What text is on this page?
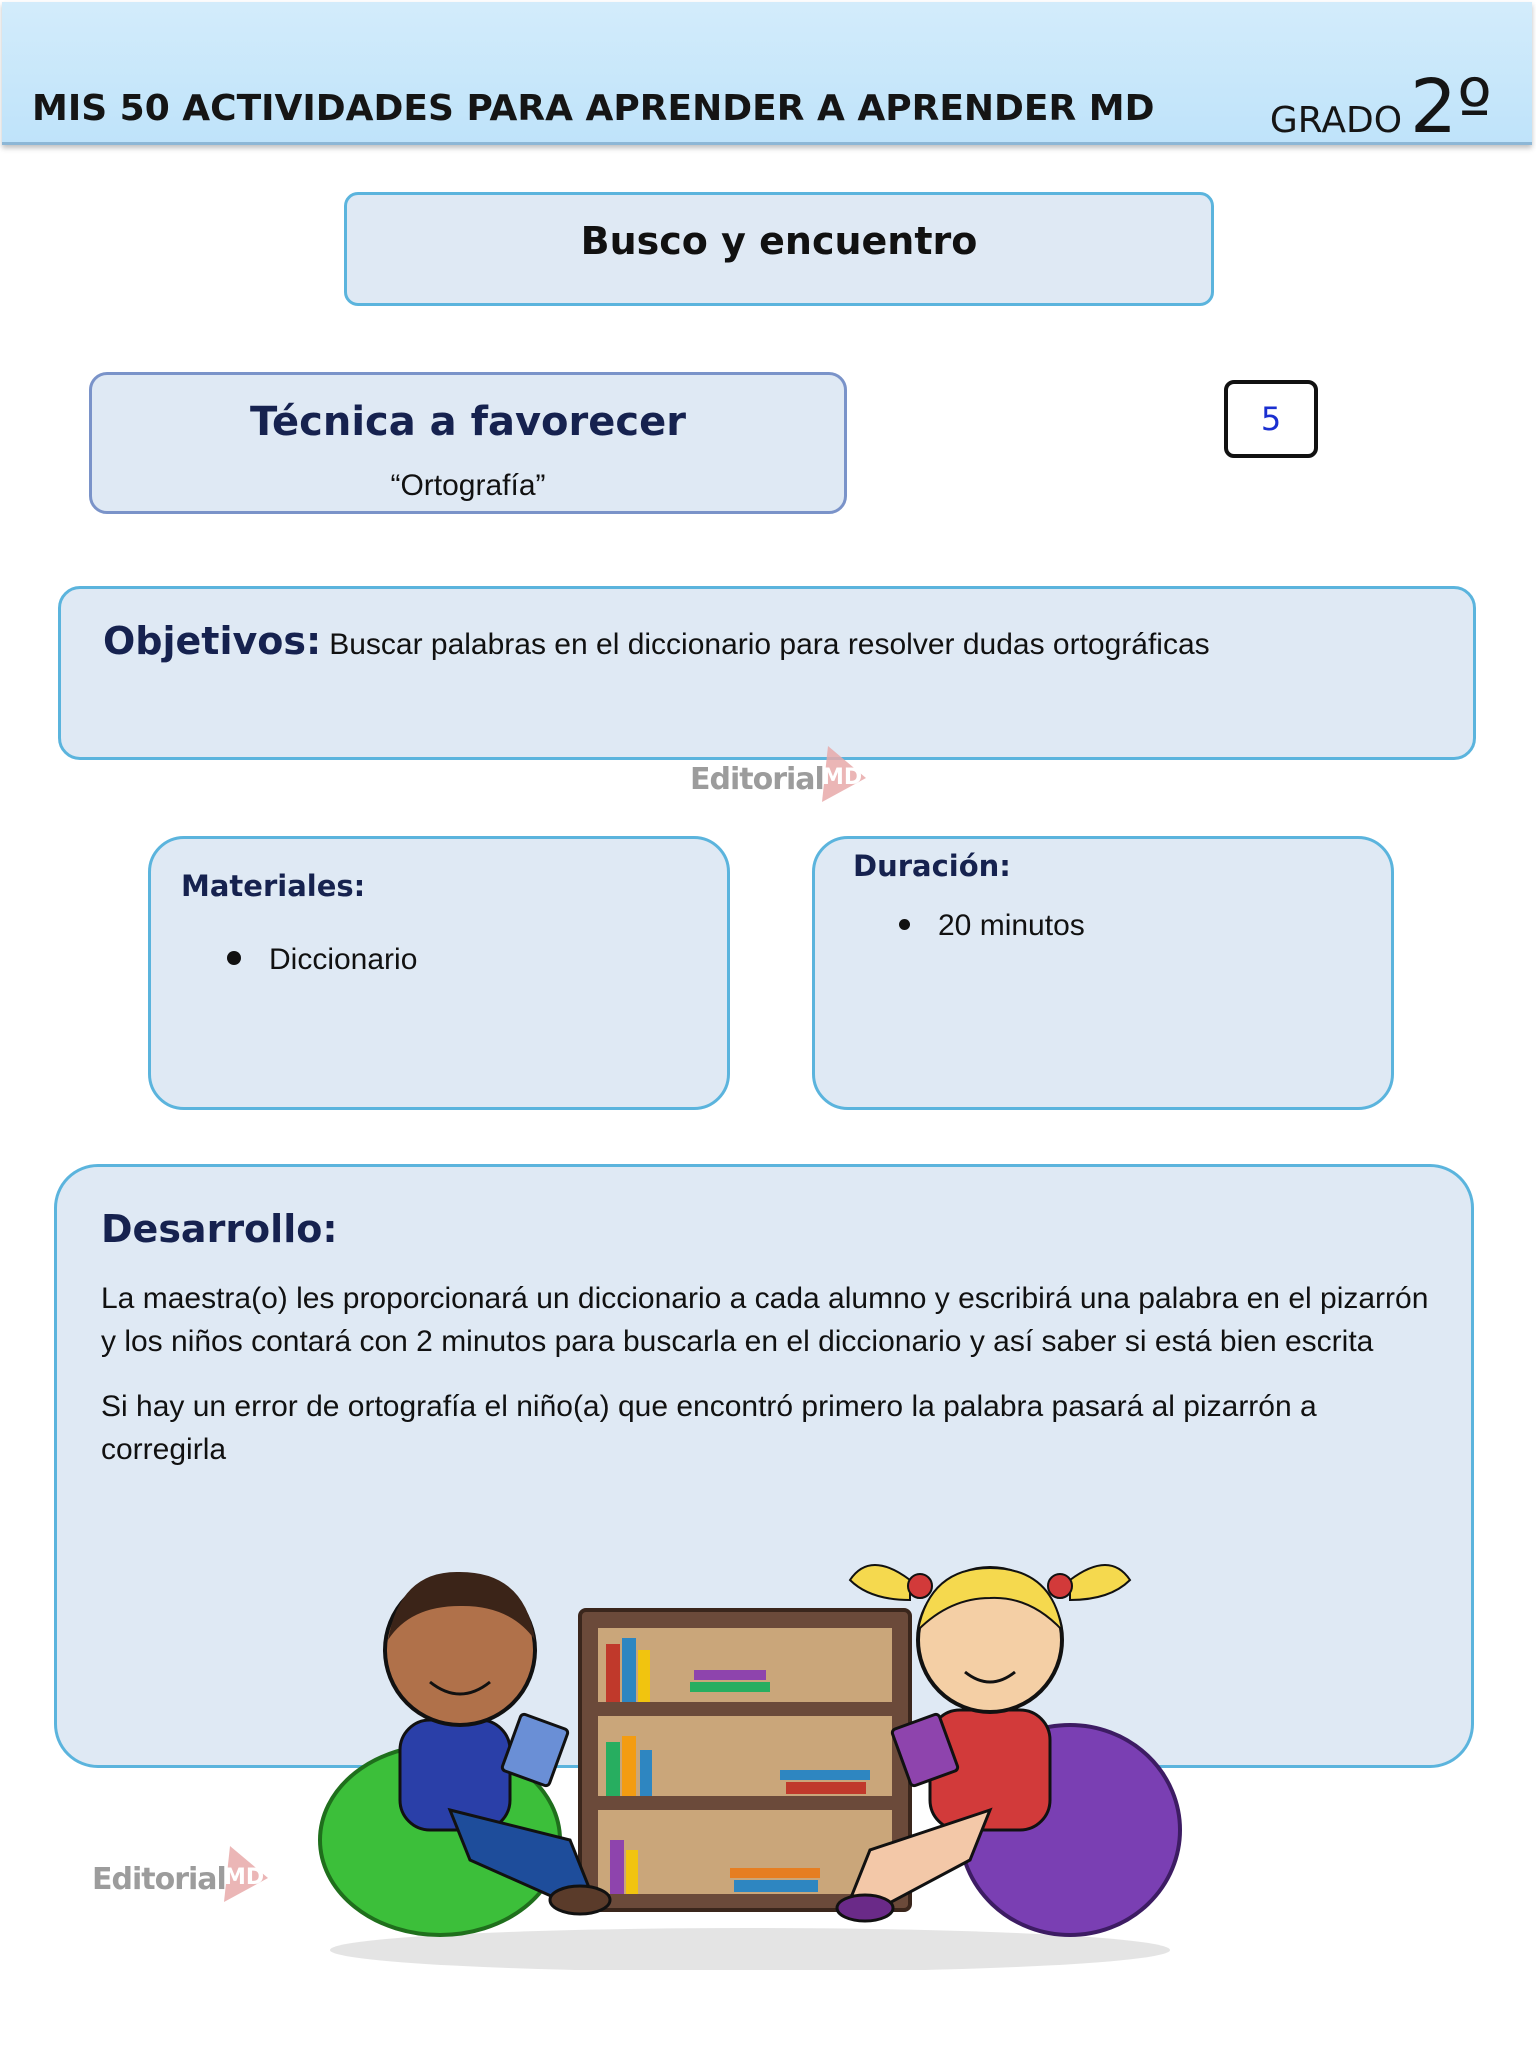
MIS 50 ACTIVIDADES PARA APRENDER A APRENDER MD	GRADO 2º
Busco y encuentro
Técnica a favorecer
“Ortografía”
5
Objetivos: Buscar palabras en el diccionario para resolver dudas ortográficas
Editorial
MD
Materiales:
Diccionario
Duración:
20 minutos
Desarrollo:
La maestra(o) les proporcionará un diccionario a cada alumno y escribirá una palabra en el pizarrón y los niños contará con 2 minutos para buscarla en el diccionario y así saber si está bien escrita
Si hay un error de ortografía el niño(a) que encontró primero la palabra pasará al pizarrón a corregirla
Editorial
MD
